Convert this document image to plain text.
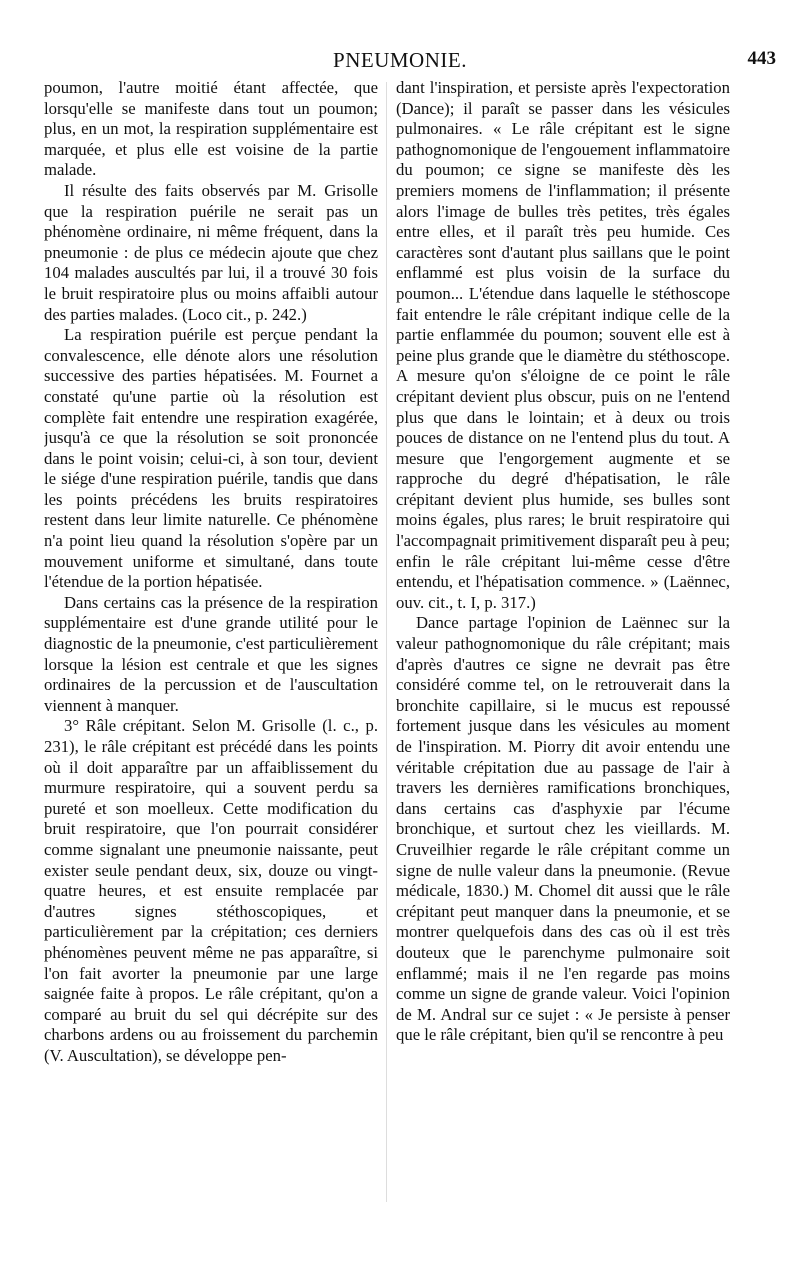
PNEUMONIE.	443

poumon, l'autre moitié étant affectée, que lorsqu'elle se manifeste dans tout un poumon; plus, en un mot, la respiration supplémentaire est marquée, et plus elle est voisine de la partie malade.

Il résulte des faits observés par M. Grisolle que la respiration puérile ne serait pas un phénomène ordinaire, ni même fréquent, dans la pneumonie : de plus ce médecin ajoute que chez 104 malades auscultés par lui, il a trouvé 30 fois le bruit respiratoire plus ou moins affaibli autour des parties malades. (Loco cit., p. 242.)

La respiration puérile est perçue pendant la convalescence, elle dénote alors une résolution successive des parties hépatisées. M. Fournet a constaté qu'une partie où la résolution est complète fait entendre une respiration exagérée, jusqu'à ce que la résolution se soit prononcée dans le point voisin; celui-ci, à son tour, devient le siége d'une respiration puérile, tandis que dans les points précédens les bruits respiratoires restent dans leur limite naturelle. Ce phénomène n'a point lieu quand la résolution s'opère par un mouvement uniforme et simultané, dans toute l'étendue de la portion hépatisée.

Dans certains cas la présence de la respiration supplémentaire est d'une grande utilité pour le diagnostic de la pneumonie, c'est particulièrement lorsque la lésion est centrale et que les signes ordinaires de la percussion et de l'auscultation viennent à manquer.

3° Râle crépitant. Selon M. Grisolle (l. c., p. 231), le râle crépitant est précédé dans les points où il doit apparaître par un affaiblissement du murmure respiratoire, qui a souvent perdu sa pureté et son moelleux. Cette modification du bruit respiratoire, que l'on pourrait considérer comme signalant une pneumonie naissante, peut exister seule pendant deux, six, douze ou vingt-quatre heures, et est ensuite remplacée par d'autres signes stéthoscopiques, et particulièrement par la crépitation; ces derniers phénomènes peuvent même ne pas apparaître, si l'on fait avorter la pneumonie par une large saignée faite à propos. Le râle crépitant, qu'on a comparé au bruit du sel qui décrépite sur des charbons ardens ou au froissement du parchemin (V. Auscultation), se développe pen-

dant l'inspiration, et persiste après l'expectoration (Dance); il paraît se passer dans les vésicules pulmonaires. « Le râle crépitant est le signe pathognomonique de l'engouement inflammatoire du poumon; ce signe se manifeste dès les premiers momens de l'inflammation; il présente alors l'image de bulles très petites, très égales entre elles, et il paraît très peu humide. Ces caractères sont d'autant plus saillans que le point enflammé est plus voisin de la surface du poumon... L'étendue dans laquelle le stéthoscope fait entendre le râle crépitant indique celle de la partie enflammée du poumon; souvent elle est à peine plus grande que le diamètre du stéthoscope. A mesure qu'on s'éloigne de ce point le râle crépitant devient plus obscur, puis on ne l'entend plus que dans le lointain; et à deux ou trois pouces de distance on ne l'entend plus du tout. A mesure que l'engorgement augmente et se rapproche du degré d'hépatisation, le râle crépitant devient plus humide, ses bulles sont moins égales, plus rares; le bruit respiratoire qui l'accompagnait primitivement disparaît peu à peu; enfin le râle crépitant lui-même cesse d'être entendu, et l'hépatisation commence. » (Laënnec, ouv. cit., t. I, p. 317.)

Dance partage l'opinion de Laënnec sur la valeur pathognomonique du râle crépitant; mais d'après d'autres ce signe ne devrait pas être considéré comme tel, on le retrouverait dans la bronchite capillaire, si le mucus est repoussé fortement jusque dans les vésicules au moment de l'inspiration. M. Piorry dit avoir entendu une véritable crépitation due au passage de l'air à travers les dernières ramifications bronchiques, dans certains cas d'asphyxie par l'écume bronchique, et surtout chez les vieillards. M. Cruveilhier regarde le râle crépitant comme un signe de nulle valeur dans la pneumonie. (Revue médicale, 1830.) M. Chomel dit aussi que le râle crépitant peut manquer dans la pneumonie, et se montrer quelquefois dans des cas où il est très douteux que le parenchyme pulmonaire soit enflammé; mais il ne l'en regarde pas moins comme un signe de grande valeur. Voici l'opinion de M. Andral sur ce sujet : « Je persiste à penser que le râle crépitant, bien qu'il se rencontre à peu
